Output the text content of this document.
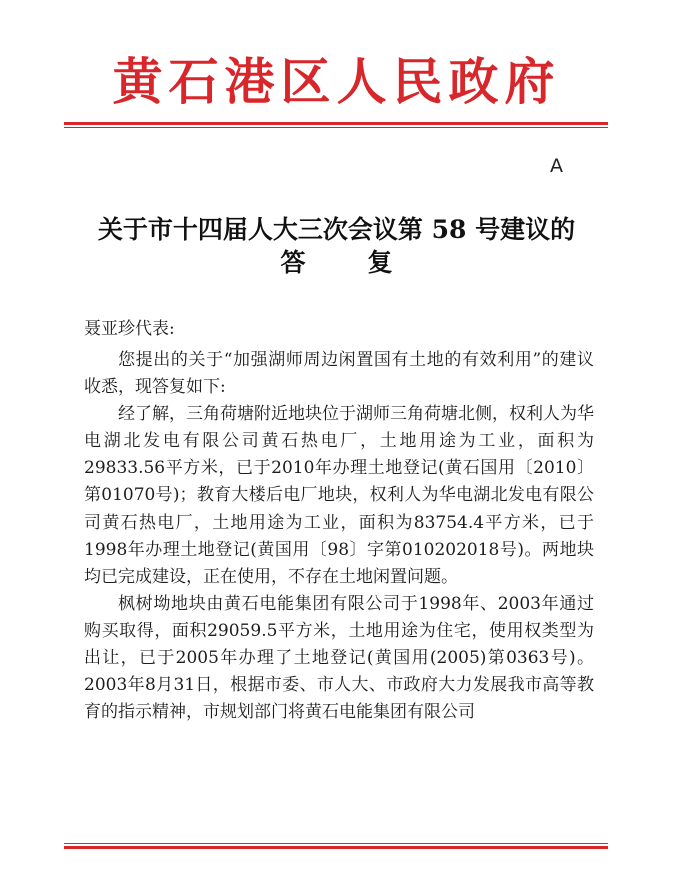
黄石港区人民政府
A
关于市十四届人大三次会议第 58 号建议的
答复
聂亚珍代表:

您提出的关于“加强湖师周边闲置国有土地的有效利用”的建议收悉，现答复如下:

经了解，三角荷塘附近地块位于湖师三角荷塘北侧，权利人为华电湖北发电有限公司黄石热电厂，土地用途为工业，面积为29833.56平方米，已于2010年办理土地登记(黄石国用〔2010〕第01070号)；教育大楼后电厂地块，权利人为华电湖北发电有限公司黄石热电厂，土地用途为工业，面积为83754.4平方米，已于1998年办理土地登记(黄国用〔98〕字第010202018号)。两地块均已完成建设，正在使用，不存在土地闲置问题。

枫树坳地块由黄石电能集团有限公司于1998年、2003年通过购买取得，面积29059.5平方米，土地用途为住宅，使用权类型为出让，已于2005年办理了土地登记(黄国用(2005)第0363号)。2003年8月31日，根据市委、市人大、市政府大力发展我市高等教育的指示精神，市规划部门将黄石电能集团有限公司
